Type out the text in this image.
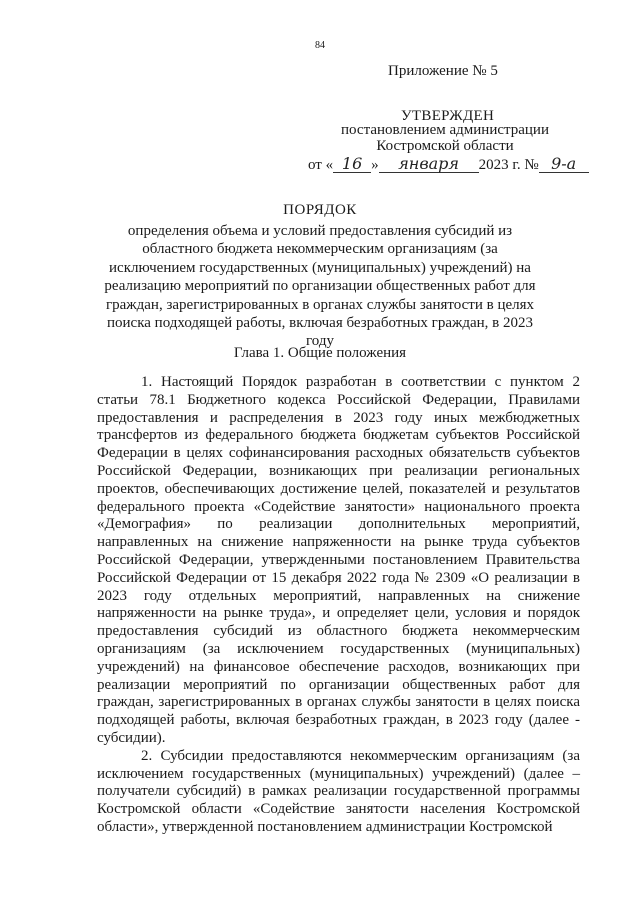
84
Приложение № 5
УТВЕРЖДЕН
постановлением администрации
Костромской области
от « 16 »	января	2023 г. № 9-а
ПОРЯДОК
определения объема и условий предоставления субсидий из областного бюджета некоммерческим организациям (за исключением государственных (муниципальных) учреждений) на реализацию мероприятий по организации общественных работ для граждан, зарегистрированных в органах службы занятости в целях поиска подходящей работы, включая безработных граждан, в 2023 году
Глава 1. Общие положения

1. Настоящий Порядок разработан в соответствии с пунктом 2 статьи 78.1 Бюджетного кодекса Российской Федерации, Правилами предоставления и распределения в 2023 году иных межбюджетных трансфертов из федерального бюджета бюджетам субъектов Российской Федерации в целях софинансирования расходных обязательств субъектов Российской Федерации, возникающих при реализации региональных проектов, обеспечивающих достижение целей, показателей и результатов федерального проекта «Содействие занятости» национального проекта «Демография» по реализации дополнительных мероприятий, направленных на снижение напряженности на рынке труда субъектов Российской Федерации, утвержденными постановлением Правительства Российской Федерации от 15 декабря 2022 года № 2309 «О реализации в 2023 году отдельных мероприятий, направленных на снижение напряженности на рынке труда», и определяет цели, условия и порядок предоставления субсидий из областного бюджета некоммерческим организациям (за исключением государственных (муниципальных) учреждений) на финансовое обеспечение расходов, возникающих при реализации мероприятий по организации общественных работ для граждан, зарегистрированных в органах службы занятости в целях поиска подходящей работы, включая безработных граждан, в 2023 году (далее - субсидии).

2. Субсидии предоставляются некоммерческим организациям (за исключением государственных (муниципальных) учреждений) (далее – получатели субсидий) в рамках реализации государственной программы Костромской области «Содействие занятости населения Костромской области», утвержденной постановлением администрации Костромской
